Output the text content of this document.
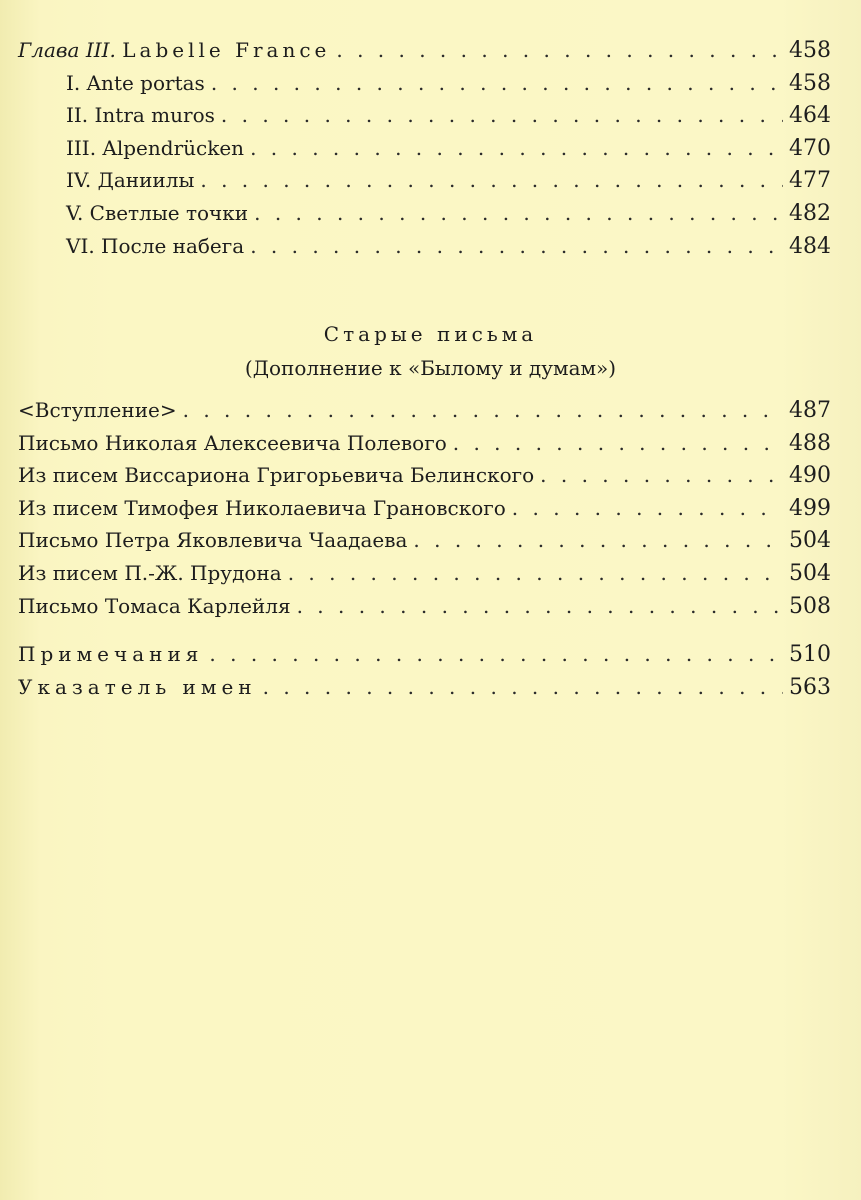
Глава III. Labelle France . . .	458
I. Ante portas . . .	458
II. Intra muros . . .	464
III. Alpendrücken . . .	470
IV. Даниилы . . .	477
V. Светлые точки . . .	482
VI. После набега . . .	484
Старые письма
(Дополнение к «Былому и думам»)
<Вступление> . . .	487
Письмо Николая Алексеевича Полевого . . .	488
Из писем Виссариона Григорьевича Белинского . . .	490
Из писем Тимофея Николаевича Грановского . . .	499
Письмо Петра Яковлевича Чаадаева . . .	504
Из писем П.-Ж. Прудона . . .	504
Письмо Томаса Карлейля . . .	508
Примечания . . .	510
Указатель имен . . .	563
